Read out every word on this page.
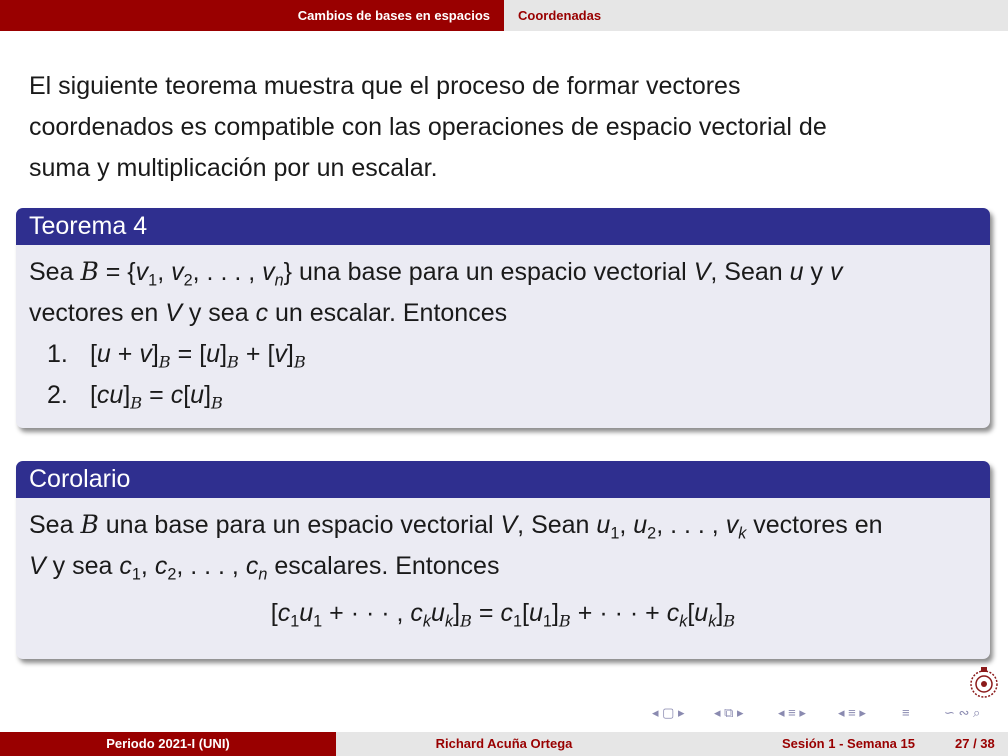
Cambios de bases en espacios	Coordenadas
El siguiente teorema muestra que el proceso de formar vectores
coordenados es compatible con las operaciones de espacio vectorial de
suma y multiplicación por un escalar.
Teorema 4
Sea $B = \{v_1$, $v_2$, . . . , $v_n$} una base para un espacio vectorial V, Sean u y v
vectores en V y sea c un escalar. Entonces
1. $[u + v]_B = [u]_B + [v]_B$
2. $[cu]_B = c[u]_B$
Corolario
Sea B una base para un espacio vectorial V, Sean $u_1$, $u_2$, . . . , $v_k$ vectores en
V y sea $c_1$, $c_2$, . . . , $c_n$ escalares. Entonces
[$c_1u_1$ + · · · , $c_ku_k]_B = c_1[u_1]_B$ + · · · + $c_k[u_k]_B$
◂ ▢ ▸ ◂ ⧉ ▸	◂ ≡ ▸ ◂ ≡ ▸	≡	∽ ∾ ⌕
Periodo 2021-I (UNI)	Richard Acuña Ortega	Sesión 1 - Semana 15	27 / 38
